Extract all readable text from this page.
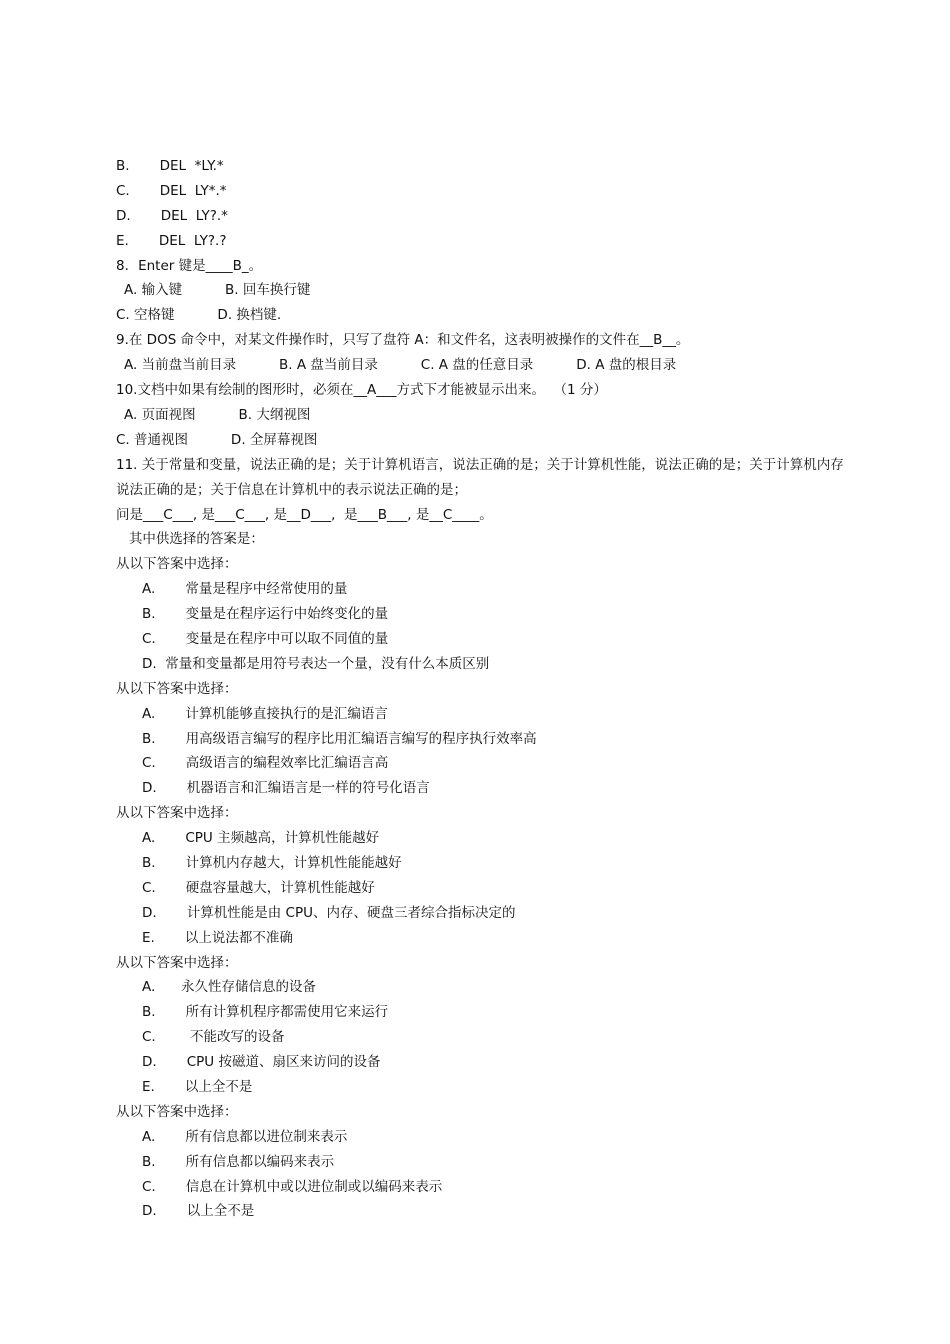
B.       DEL  *LY.*
C.       DEL  LY*.*
D.       DEL  LY?.*
E.       DEL  LY?.?
8．Enter 键是____B_。
A. 输入键          B. 回车换行键
C. 空格键          D. 换档键.
9.在 DOS 命令中，对某文件操作时，只写了盘符 A：和文件名，这表明被操作的文件在__B__。
A. 当前盘当前目录          B. A 盘当前目录          C. A 盘的任意目录          D. A 盘的根目录
10.文档中如果有绘制的图形时，必须在__A___方式下才能被显示出来。  （1 分）
A. 页面视图          B. 大纲视图
C. 普通视图          D. 全屏幕视图
11. 关于常量和变量，说法正确的是；关于计算机语言，说法正确的是；关于计算机性能，说法正确的是；关于计算机内存说法正确的是；关于信息在计算机中的表示说法正确的是；
问是___C___, 是___C___, 是__D___,  是___B___, 是__C____。
其中供选择的答案是：
从以下答案中选择：
A.       常量是程序中经常使用的量
B.       变量是在程序运行中始终变化的量
C.       变量是在程序中可以取不同值的量
D.  常量和变量都是用符号表达一个量，没有什么本质区别
从以下答案中选择：
A.       计算机能够直接执行的是汇编语言
B.       用高级语言编写的程序比用汇编语言编写的程序执行效率高
C.       高级语言的编程效率比汇编语言高
D.       机器语言和汇编语言是一样的符号化语言
从以下答案中选择：
A.       CPU 主频越高，计算机性能越好
B.       计算机内存越大，计算机性能能越好
C.       硬盘容量越大，计算机性能越好
D.       计算机性能是由 CPU、内存、硬盘三者综合指标决定的
E.       以上说法都不准确
从以下答案中选择：
A.      永久性存储信息的设备
B.       所有计算机程序都需使用它来运行
C.        不能改写的设备
D.       CPU 按磁道、扇区来访问的设备
E.       以上全不是
从以下答案中选择：
A.       所有信息都以进位制来表示
B.       所有信息都以编码来表示
C.       信息在计算机中或以进位制或以编码来表示
D.       以上全不是
